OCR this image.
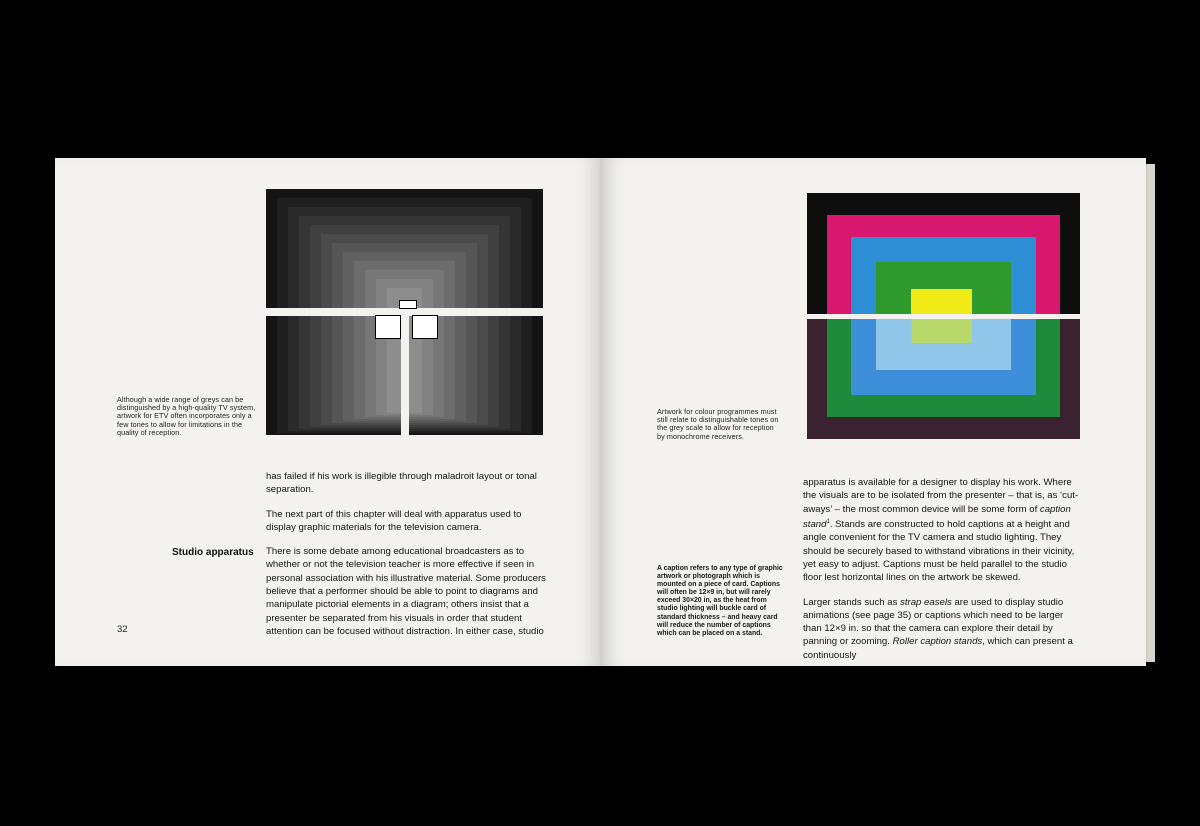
Although a wide range of greys can be distinguished by a high-quality TV system, artwork for ETV often incorporates only a few tones to allow for limitations in the quality of reception.

has failed if his work is illegible through maladroit layout or tonal separation.

The next part of this chapter will deal with apparatus used to display graphic materials for the television camera.

There is some debate among educational broadcasters as to whether or not the television teacher is more effective if seen in personal association with his illustrative material. Some producers believe that a performer should be able to point to diagrams and manipulate pictorial elements in a diagram; others insist that a presenter be separated from his visuals in order that student attention can be focused without distraction. In either case, studio

Studio apparatus
32
Artwork for colour programmes must still relate to distinguishable tones on the grey scale to allow for reception by monochrome receivers.
A caption refers to any type of graphic artwork or photograph which is mounted on a piece of card. Captions will often be 12×9 in, but will rarely exceed 30×20 in, as the heat from studio lighting will buckle card of standard thickness – and heavy card will reduce the number of captions which can be placed on a stand.

apparatus is available for a designer to display his work. Where the visuals are to be isolated from the presenter – that is, as ‘cut-aways’ – the most common device will be some form of caption stand$^1$. Stands are constructed to hold captions at a height and angle convenient for the TV camera and studio lighting. They should be securely based to withstand vibrations in their vicinity, yet easy to adjust. Captions must be held parallel to the studio floor lest horizontal lines on the artwork be skewed.

Larger stands such as strap easels are used to display studio animations (see page 35) or captions which need to be larger than 12×9 in. so that the camera can explore their detail by panning or zooming. Roller caption stands, which can present a continuously
